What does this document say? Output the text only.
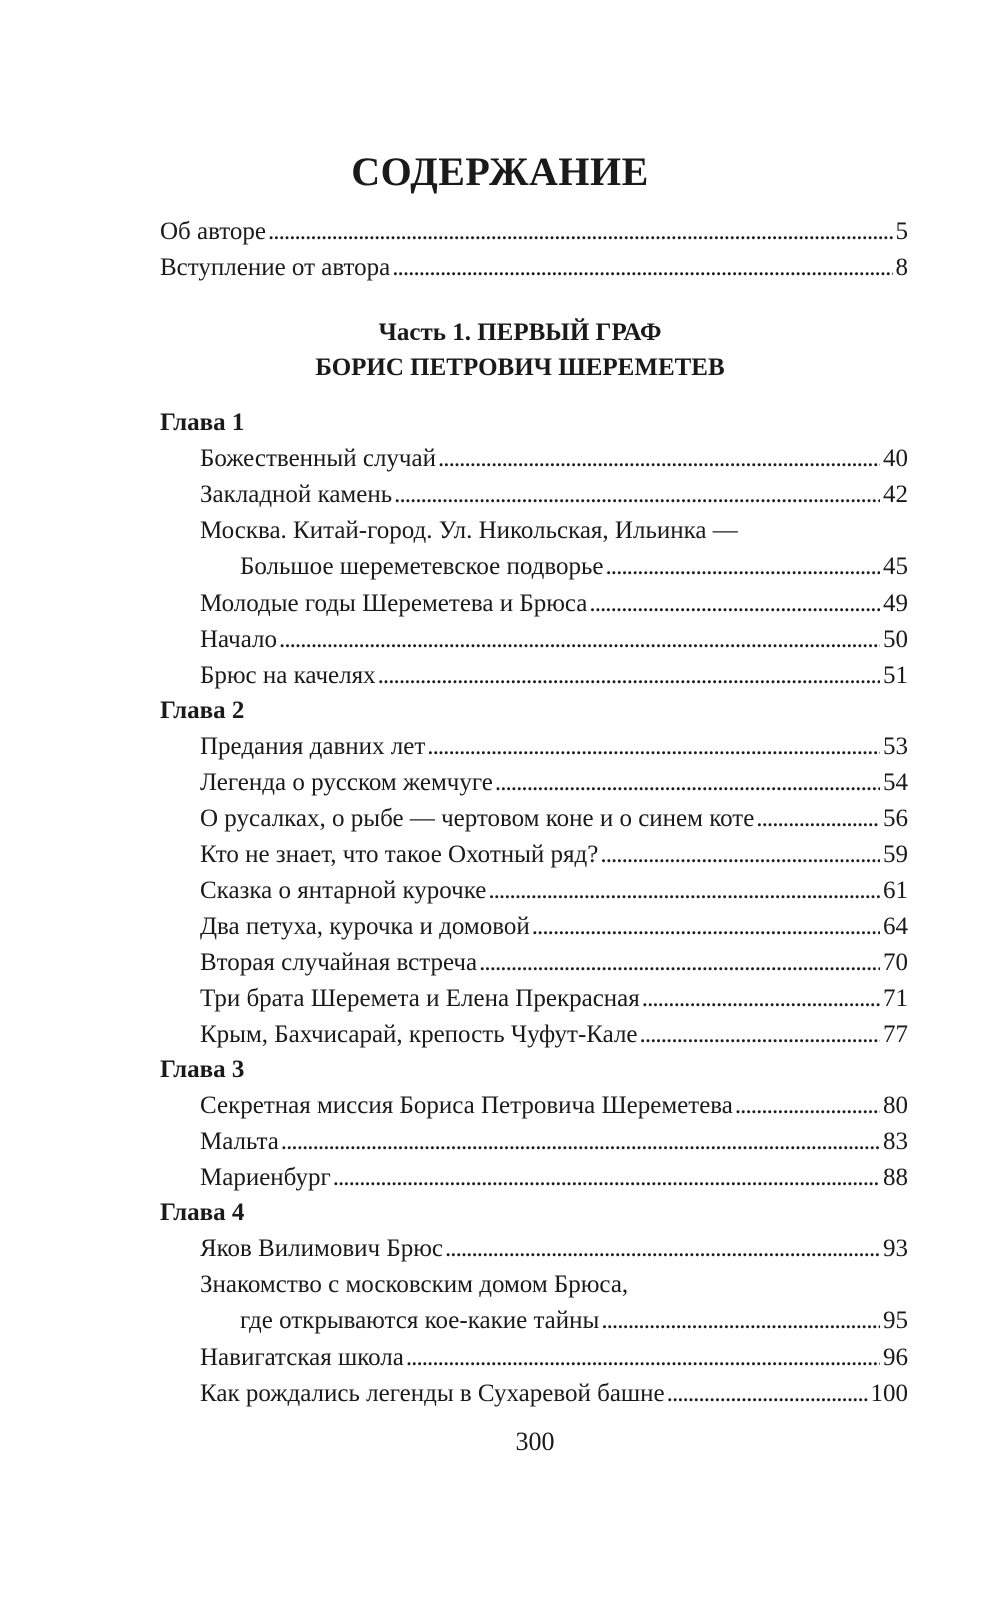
СОДЕРЖАНИЕ
Об авторе . . .	5
Вступление от автора . . .	8
Часть 1. ПЕРВЫЙ ГРАФ
БОРИС ПЕТРОВИЧ ШЕРЕМЕТЕВ
Глава 1
Божественный случай . . .	40
Закладной камень . . .	42
Москва. Китай-город. Ул. Никольская, Ильинка —
Большое шереметевское подворье . . .	45
Молодые годы Шереметева и Брюса . . .	49
Начало . . .	50
Брюс на качелях . . .	51
Глава 2
Предания давних лет . . .	53
Легенда о русском жемчуге . . .	54
О русалках, о рыбе — чертовом коне и о синем коте . . .	56
Кто не знает, что такое Охотный ряд? . . .	59
Сказка о янтарной курочке . . .	61
Два петуха, курочка и домовой . . .	64
Вторая случайная встреча . . .	70
Три брата Шеремета и Елена Прекрасная . . .	71
Крым, Бахчисарай, крепость Чуфут-Кале . . .	77
Глава 3
Секретная миссия Бориса Петровича Шереметева . . .	80
Мальта . . .	83
Мариенбург . . .	88
Глава 4
Яков Вилимович Брюс . . .	93
Знакомство с московским домом Брюса,
где открываются кое-какие тайны . . .	95
Навигатская школа . . .	96
Как рождались легенды в Сухаревой башне . . .	100
300
